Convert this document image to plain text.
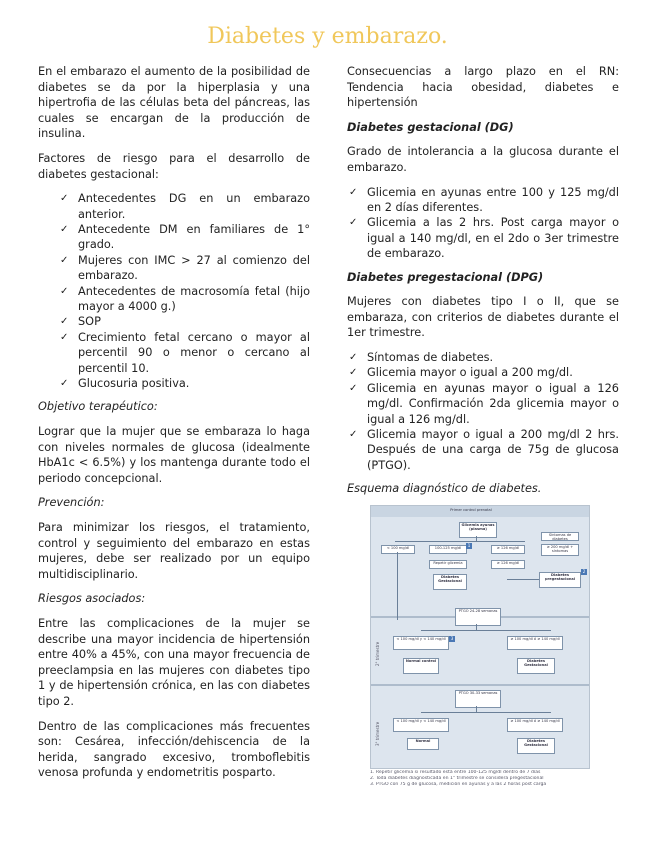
Diabetes y embarazo.

En el embarazo el aumento de la posibilidad de diabetes se da por la hiperplasia y una hipertrofia de las células beta del páncreas, las cuales se encargan de la producción de insulina.

Factores de riesgo para el desarrollo de diabetes gestacional:

✓ Antecedentes DG en un embarazo anterior.
✓ Antecedente DM en familiares de 1° grado.
✓ Mujeres con IMC > 27 al comienzo del embarazo.
✓ Antecedentes de macrosomía fetal (hijo mayor a 4000 g.)
✓ SOP
✓ Crecimiento fetal cercano o mayor al percentil 90 o menor o cercano al percentil 10.
✓ Glucosuria positiva.
Objetivo terapéutico:

Lograr que la mujer que se embaraza lo haga con niveles normales de glucosa (idealmente HbA1c < 6.5%) y los mantenga durante todo el periodo concepcional.

Prevención:

Para minimizar los riesgos, el tratamiento, control y seguimiento del embarazo en estas mujeres, debe ser realizado por un equipo multidisciplinario.

Riesgos asociados:

Entre las complicaciones de la mujer se describe una mayor incidencia de hipertensión entre 40% a 45%, con una mayor frecuencia de preeclampsia en las mujeres con diabetes tipo 1 y de hipertensión crónica, en las con diabetes tipo 2.

Dentro de las complicaciones más frecuentes son: Cesárea, infección/dehiscencia de la herida, sangrado excesivo, tromboflebitis venosa profunda y endometritis posparto.

Consecuencias a largo plazo en el RN: Tendencia hacia obesidad, diabetes e hipertensión

Diabetes gestacional (DG)

Grado de intolerancia a la glucosa durante el embarazo.

✓ Glicemia en ayunas entre 100 y 125 mg/dl en 2 días diferentes.
✓ Glicemia a las 2 hrs. Post carga mayor o igual a 140 mg/dl, en el 2do o 3er trimestre de embarazo.
Diabetes pregestacional (DPG)

Mujeres con diabetes tipo I o II, que se embaraza, con criterios de diabetes durante el 1er trimestre.

✓ Síntomas de diabetes.
✓ Glicemia mayor o igual a 200 mg/dl.
✓ Glicemia en ayunas mayor o igual a 126 mg/dl. Confirmación 2da glicemia mayor o igual a 126 mg/dl.
✓ Glicemia mayor o igual a 200 mg/dl 2 hrs. Después de una carga de 75g de glucosa (PTGO).
Esquema diagnóstico de diabetes.
Primer control prenatal
Glicemia ayunas
(plasma)
Síntomas de diabetes
< 100 mg/dl	100-125 mg/dl	1	≥ 126 mg/dl	≥ 200 mg/dl + síntomas
Repetir glicemia	≥ 126 mg/dl
Diabetes Gestacional
Diabetes pregestacional
2
2° trimestre
PTGO 24-28 semanas
< 100 mg/dl y < 140 mg/dl	3	≥ 100 mg/dl ó ≥ 140 mg/dl
Normal control	Diabetes Gestacional
3° trimestre
PTGO 30-33 semanas
< 100 mg/dl y < 140 mg/dl	≥ 100 mg/dl ó ≥ 140 mg/dl
Normal	Diabetes Gestacional
1. Repetir glicemia si resultado está entre 100-125 mg/dl dentro de 7 días
2. Toda diabetes diagnosticada en 1° trimestre se considera pregestacional
3. PTGO con 75 g de glucosa, medición en ayunas y a las 2 horas post carga
